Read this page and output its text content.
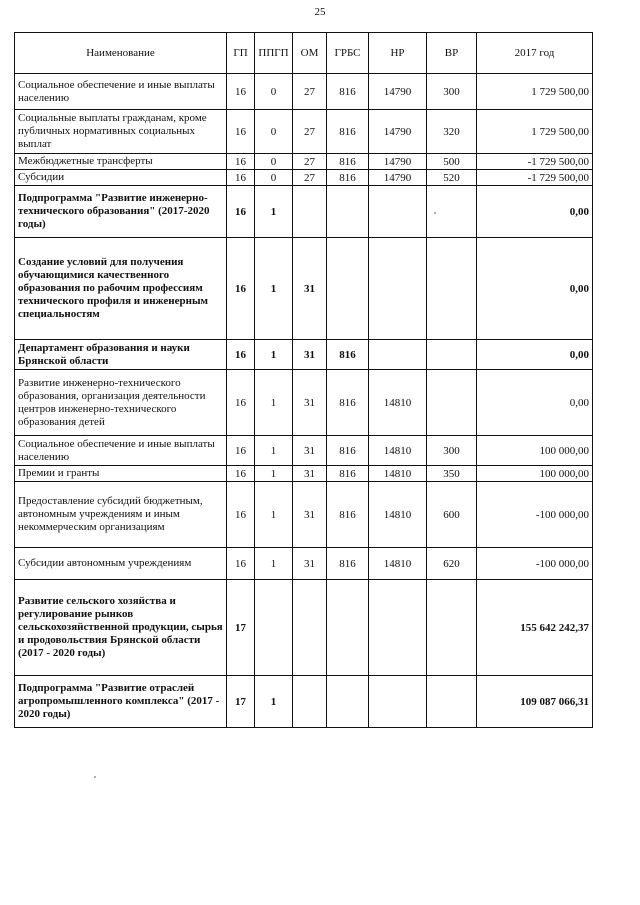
25
Наименование	ГП	ППГП	ОМ	ГРБС	НР	ВР	2017 год
Социальное обеспечение и иные выплаты населению	16	0	27	816	14790	300	1 729 500,00
Социальные выплаты гражданам, кроме публичных нормативных социальных выплат	16	0	27	816	14790	320	1 729 500,00
Межбюджетные трансферты	16	0	27	816	14790	500	-1 729 500,00
Субсидии	16	0	27	816	14790	520	-1 729 500,00
Подпрограмма "Развитие инженерно-технического образования" (2017-2020 годы)	16	1					0,00
Создание условий для получения обучающимися качественного образования по рабочим профессиям технического профиля и инженерным специальностям	16	1	31				0,00
Департамент образования и науки Брянской области	16	1	31	816			0,00
Развитие инженерно-технического образования, организация деятельности центров инженерно-технического образования детей	16	1	31	816	14810		0,00
Социальное обеспечение и иные выплаты населению	16	1	31	816	14810	300	100 000,00
Премии и гранты	16	1	31	816	14810	350	100 000,00
Предоставление субсидий бюджетным, автономным учреждениям и иным некоммерческим организациям	16	1	31	816	14810	600	-100 000,00
Субсидии автономным учреждениям	16	1	31	816	14810	620	-100 000,00
Развитие сельского хозяйства и регулирование рынков сельскохозяйственной продукции, сырья и продовольствия Брянской области (2017 - 2020 годы)	17						155 642 242,37
Подпрограмма "Развитие отраслей агропромышленного комплекса" (2017 - 2020 годы)	17	1					109 087 066,31
